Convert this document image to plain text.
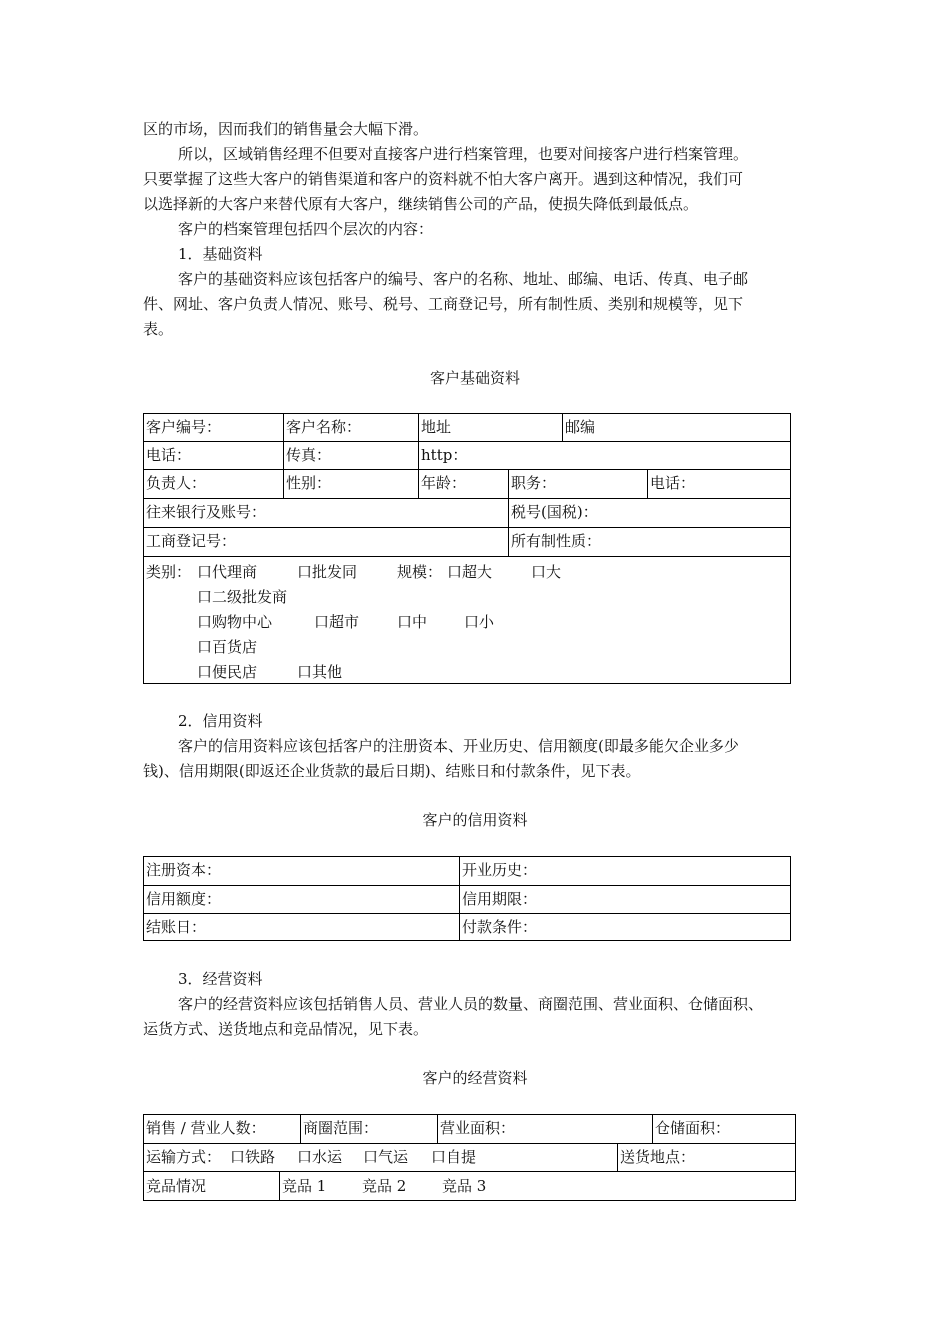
区的市场，因而我们的销售量会大幅下滑。
所以，区域销售经理不但要对直接客户进行档案管理，也要对间接客户进行档案管理。
只要掌握了这些大客户的销售渠道和客户的资料就不怕大客户离开。遇到这种情况，我们可
以选择新的大客户来替代原有大客户，继续销售公司的产品，使损失降低到最低点。
客户的档案管理包括四个层次的内容：
1．基础资料
客户的基础资料应该包括客户的编号、客户的名称、地址、邮编、电话、传真、电子邮
件、网址、客户负责人情况、账号、税号、工商登记号，所有制性质、类别和规模等，见下
表。
客户基础资料
客户编号：	客户名称：	地址	邮编
电话：	传真：	http：
负责人：	性别：	年龄：	职务：	电话：
往来银行及账号：	税号(国税)：
工商登记号：	所有制性质：
类别： 口代理商	口批发同	规模： 口超大	口大
口二级批发商
口购物中心	口超市	口中 口小
口百货店
口便民店	口其他
2．信用资料
客户的信用资料应该包括客户的注册资本、开业历史、信用额度(即最多能欠企业多少
钱)、信用期限(即返还企业货款的最后日期)、结账日和付款条件，见下表。
客户的信用资料
注册资本：	开业历史：
信用额度：	信用期限：
结账日：	付款条件：
3．经营资料
客户的经营资料应该包括销售人员、营业人员的数量、商圈范围、营业面积、仓储面积、
运货方式、送货地点和竞品情况，见下表。
客户的经营资料
销售 / 营业人数：	商圈范围：	营业面积：	仓储面积：
运输方式： 口铁路 口水运 口气运 口自提	送货地点：
竞品情况	竞品 1 竞品 2 竞品 3
